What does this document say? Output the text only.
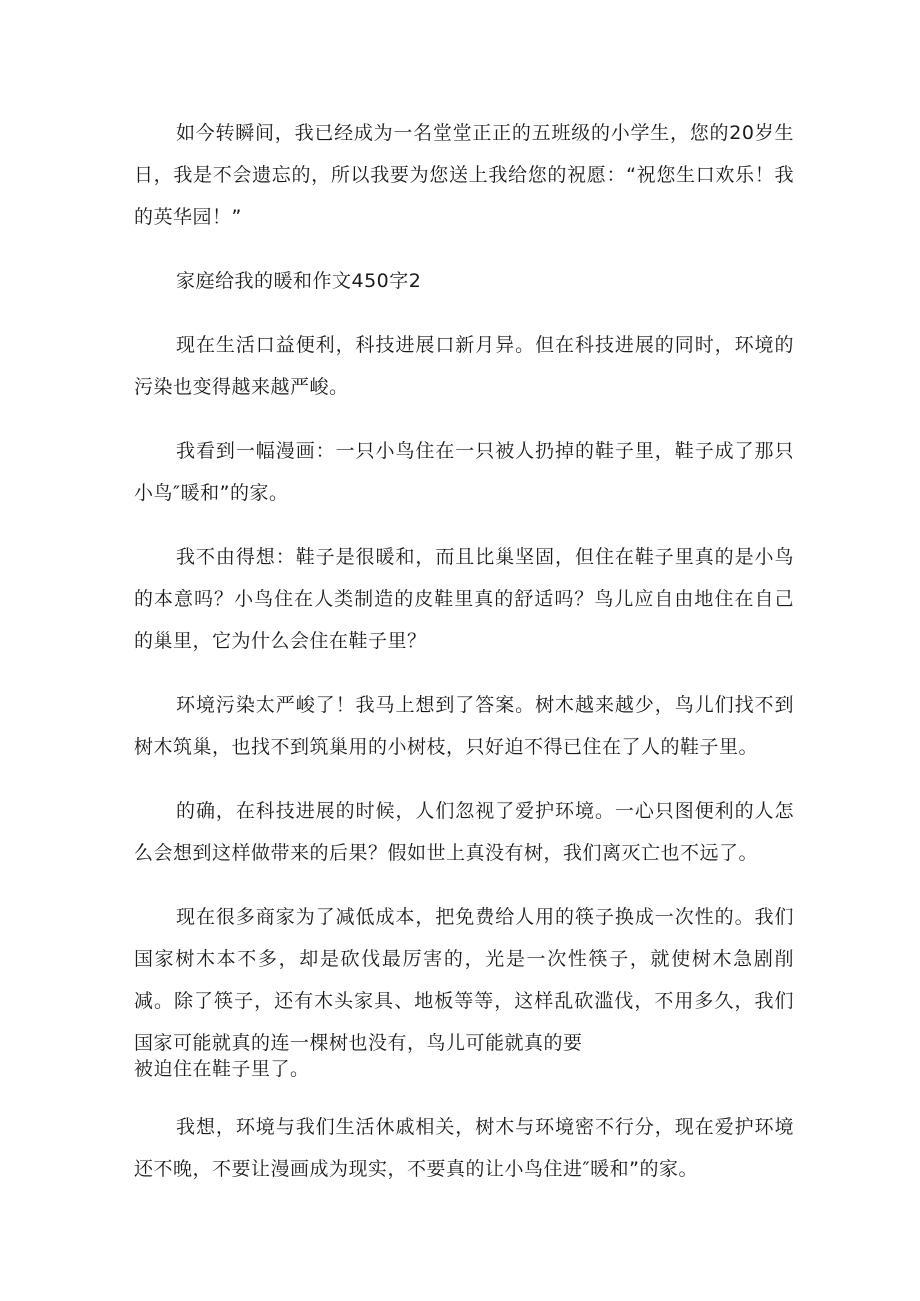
如今转瞬间，我已经成为一名堂堂正正的五班级的小学生，您的20岁生日，我是不会遗忘的，所以我要为您送上我给您的祝愿：“祝您生口欢乐！我的英华园！”

家庭给我的暖和作文450字2

现在生活口益便利，科技进展口新月异。但在科技进展的同时，环境的污染也变得越来越严峻。

我看到一幅漫画：一只小鸟住在一只被人扔掉的鞋子里，鞋子成了那只小鸟″暖和”的家。

我不由得想：鞋子是很暖和，而且比巢坚固，但住在鞋子里真的是小鸟的本意吗？小鸟住在人类制造的皮鞋里真的舒适吗？鸟儿应自由地住在自己的巢里，它为什么会住在鞋子里？

环境污染太严峻了！我马上想到了答案。树木越来越少，鸟儿们找不到树木筑巢，也找不到筑巢用的小树枝，只好迫不得已住在了人的鞋子里。

的确，在科技进展的时候，人们忽视了爱护环境。一心只图便利的人怎么会想到这样做带来的后果？假如世上真没有树，我们离灭亡也不远了。

现在很多商家为了减低成本，把免费给人用的筷子换成一次性的。我们国家树木本不多，却是砍伐最厉害的，光是一次性筷子，就使树木急剧削减。除了筷子，还有木头家具、地板等等，这样乱砍滥伐，不用多久，我们国家可能就真的连一棵树也没有，鸟儿可能就真的要

被迫住在鞋子里了。

我想，环境与我们生活休戚相关，树木与环境密不行分，现在爱护环境还不晚，不要让漫画成为现实，不要真的让小鸟住进″暖和”的家。
